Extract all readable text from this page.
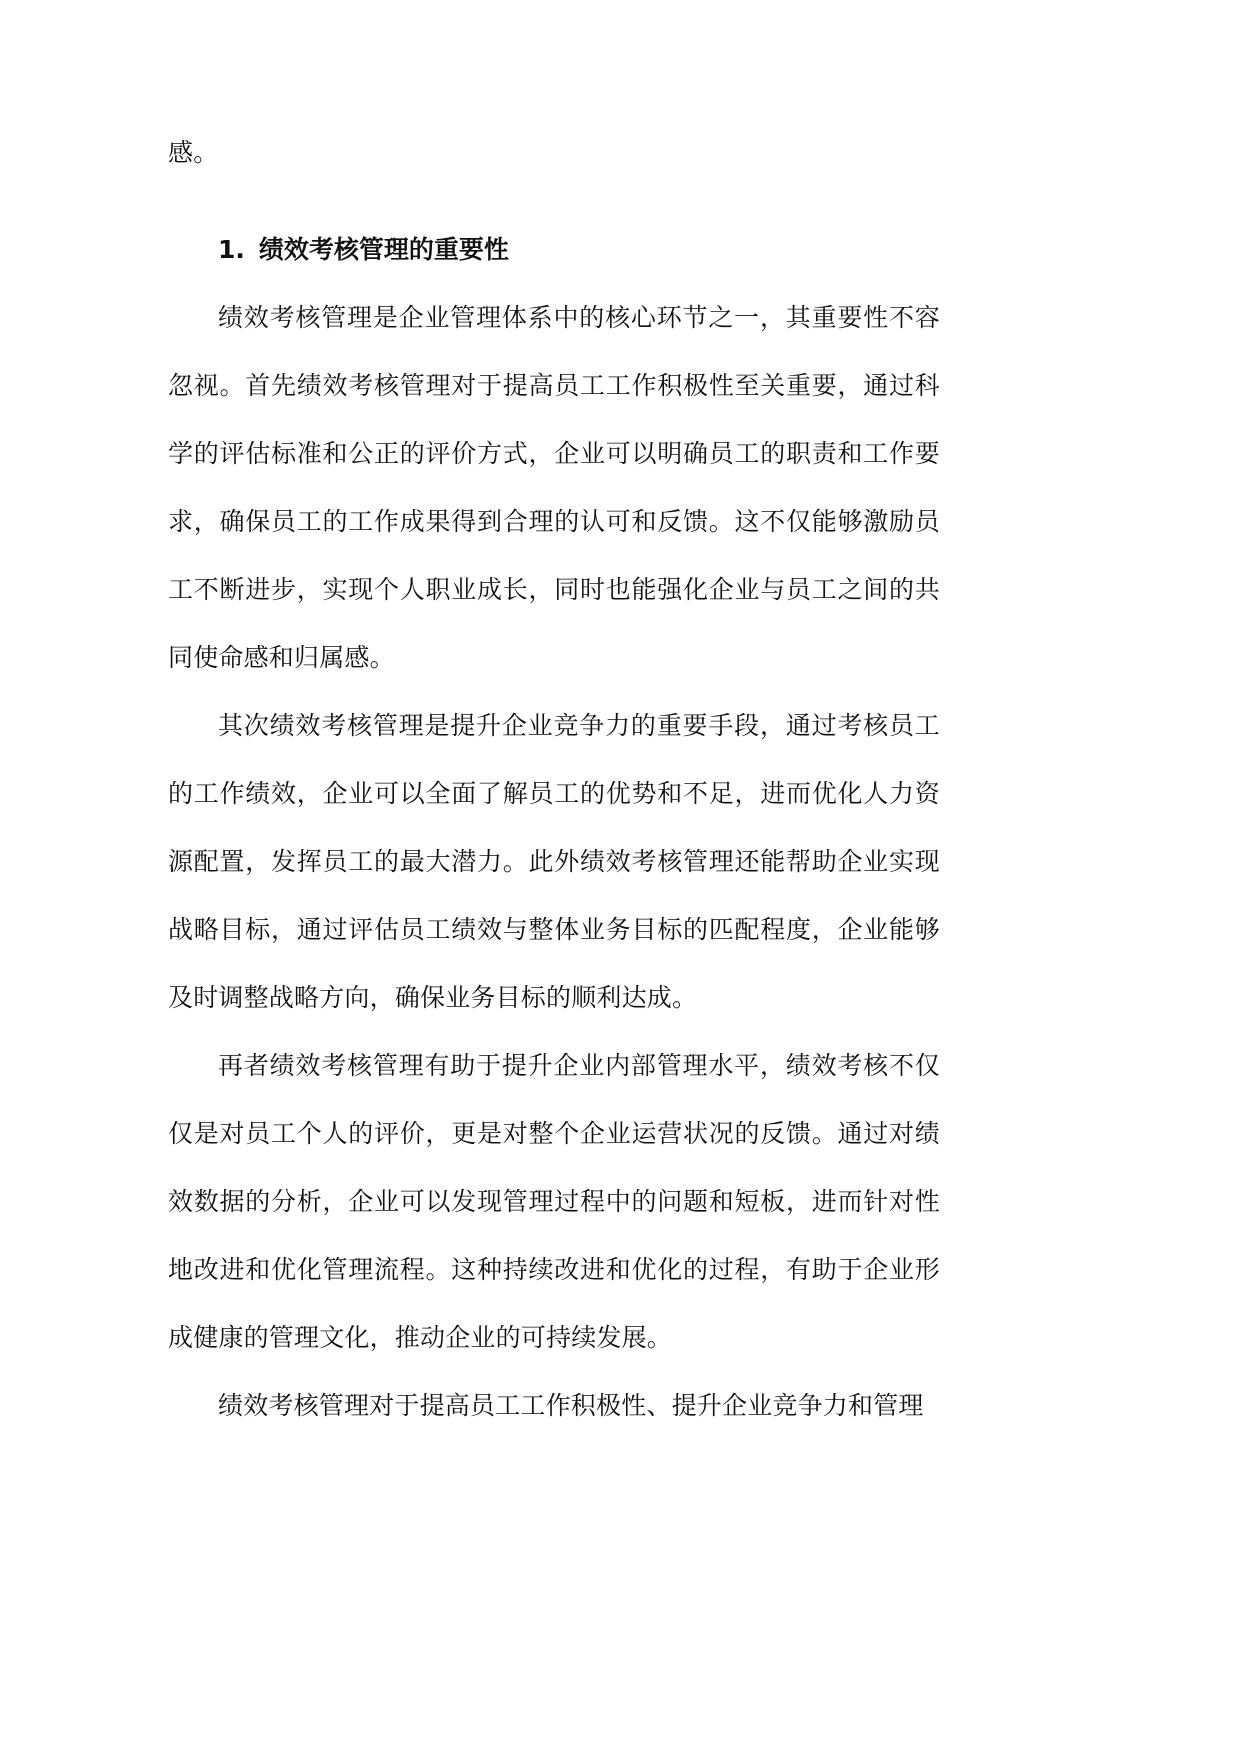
感。
1. 绩效考核管理的重要性

绩效考核管理是企业管理体系中的核心环节之一，其重要性不容忽视。首先绩效考核管理对于提高员工工作积极性至关重要，通过科学的评估标准和公正的评价方式，企业可以明确员工的职责和工作要求，确保员工的工作成果得到合理的认可和反馈。这不仅能够激励员工不断进步，实现个人职业成长，同时也能强化企业与员工之间的共同使命感和归属感。

其次绩效考核管理是提升企业竞争力的重要手段，通过考核员工的工作绩效，企业可以全面了解员工的优势和不足，进而优化人力资源配置，发挥员工的最大潜力。此外绩效考核管理还能帮助企业实现战略目标，通过评估员工绩效与整体业务目标的匹配程度，企业能够及时调整战略方向，确保业务目标的顺利达成。

再者绩效考核管理有助于提升企业内部管理水平，绩效考核不仅仅是对员工个人的评价，更是对整个企业运营状况的反馈。通过对绩效数据的分析，企业可以发现管理过程中的问题和短板，进而针对性地改进和优化管理流程。这种持续改进和优化的过程，有助于企业形成健康的管理文化，推动企业的可持续发展。

绩效考核管理对于提高员工工作积极性、提升企业竞争力和管理
